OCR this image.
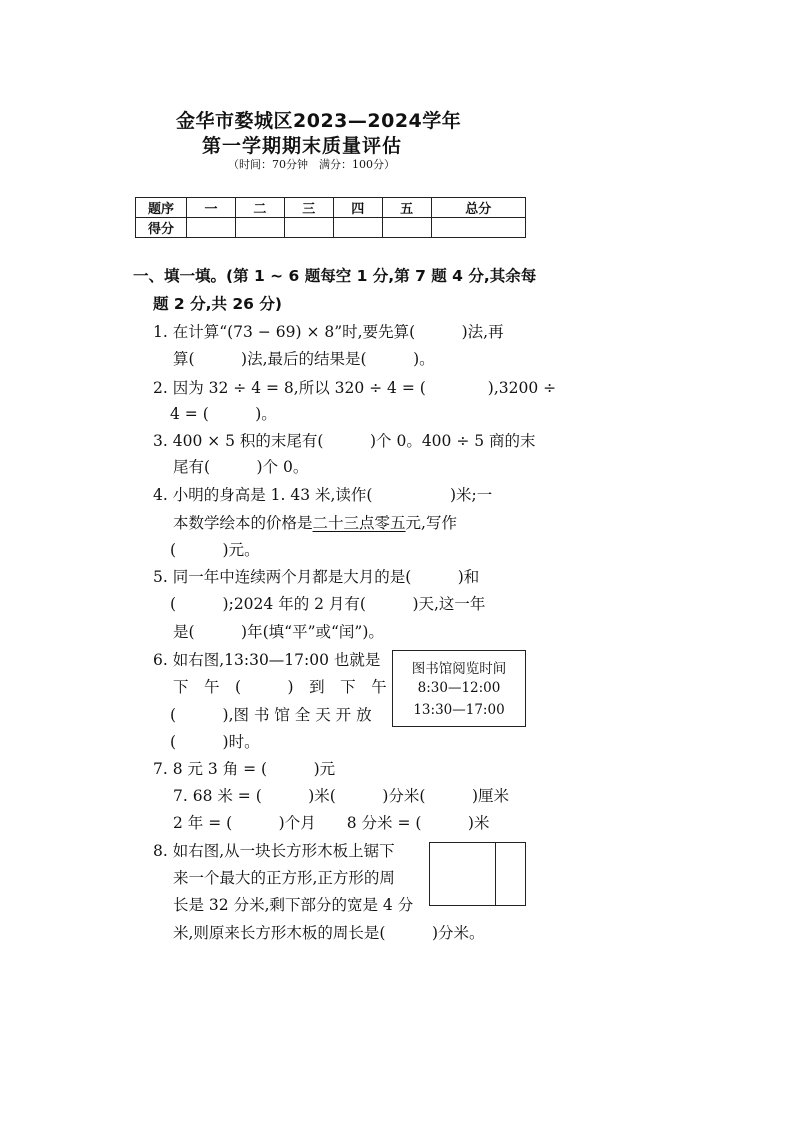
金华市婺城区2023—2024学年
第一学期期末质量评估
（时间：70分钟　满分：100分）
题序	一	二	三	四	五	总分
得分						
一、填一填。(第 1 ~ 6 题每空 1 分,第 7 题 4 分,其余每
题 2 分,共 26 分)
1. 在计算“(73 − 69) × 8”时,要先算(　　　)法,再
算(　　　)法,最后的结果是(　　　)。
2. 因为 32 ÷ 4 = 8,所以 320 ÷ 4 = (　　　　),3200 ÷
4 = (　　　)。
3. 400 × 5 积的末尾有(　　　)个 0。400 ÷ 5 商的末
尾有(　　　)个 0。
4. 小明的身高是 1. 43 米,读作(　　　　　)米;一
本数学绘本的价格是二十三点零五元,写作
(　　　)元。
5. 同一年中连续两个月都是大月的是(　　　)和
(　　　);2024 年的 2 月有(　　　)天,这一年
是(　　　)年(填“平”或“闰”)。
6. 如右图,13:30—17:00 也就是
下　午　(　　　)　到　下　午
(　　　),图 书 馆 全 天 开 放
(　　　)时。
图书馆阅览时间
8:30—12:00
13:30—17:00
7. 8 元 3 角 = (　　　)元
7. 68 米 = (　　　)米(　　　)分米(　　　)厘米
2 年 = (　　　)个月　　8 分米 = (　　　)米
8. 如右图,从一块长方形木板上锯下
来一个最大的正方形,正方形的周
长是 32 分米,剩下部分的宽是 4 分
米,则原来长方形木板的周长是(　　　)分米。
